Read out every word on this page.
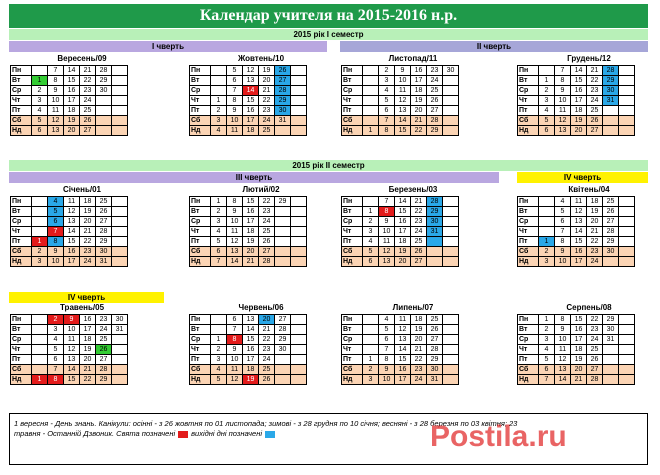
Календар учителя на 2015-2016 н.р.
2015 рік I семестр
І чверть	ІІ чверть
2015 рік II семестр
ІІІ чверть	ІV чверть
ІV чверть
Вересень/09
Пн		7	14	21	28	
Вт	1	8	15	22	29	
Ср	2	9	16	23	30	
Чт	3	10	17	24		
Пт	4	11	18	25		
Сб	5	12	19	26		
Нд	6	13	20	27		
Жовтень/10
Пн		5	12	19	26	
Вт		6	13	20	27	
Ср		7	14	21	28	
Чт	1	8	15	22	29	
Пт	2	9	16	23	30	
Сб	3	10	17	24	31	
Нд	4	11	18	25		
Листопад/11
Пн		2	9	16	23	30
Вт		3	10	17	24	
Ср		4	11	18	25	
Чт		5	12	19	26	
Пт		6	13	20	27	
Сб		7	14	21	28	
Нд	1	8	15	22	29	
Грудень/12
Пн		7	14	21	28	
Вт	1	8	15	22	29	
Ср	2	9	16	23	30	
Чт	3	10	17	24	31	
Пт	4	11	18	25		
Сб	5	12	19	26		
Нд	6	13	20	27		
Січень/01
Пн		4	11	18	25	
Вт		5	12	19	26	
Ср		6	13	20	27	
Чт		7	14	21	28	
Пт	1	8	15	22	29	
Сб	2	9	16	23	30	
Нд	3	10	17	24	31	
Лютий/02
Пн	1	8	15	22	29	
Вт	2	9	16	23		
Ср	3	10	17	24		
Чт	4	11	18	25		
Пт	5	12	19	26		
Сб	6	13	20	27		
Нд	7	14	21	28		
Березень/03
Пн		7	14	21	28	
Вт	1	8	15	22	29	
Ср	2	9	16	23	30	
Чт	3	10	17	24	31	
Пт	4	11	18	25		
Сб	5	12	19	26		
Нд	6	13	20	27		
Квітень/04
Пн		4	11	18	25	
Вт		5	12	19	26	
Ср		6	13	20	27	
Чт		7	14	21	28	
Пт	1	8	15	22	29	
Сб	2	9	16	23	30	
Нд	3	10	17	24		
Травень/05
Пн		2	9	16	23	30
Вт		3	10	17	24	31
Ср		4	11	18	25	
Чт		5	12	19	26	
Пт		6	13	20	27	
Сб		7	14	21	28	
Нд	1	8	15	22	29	
Червень/06
Пн		6	13	20	27	
Вт		7	14	21	28	
Ср	1	8	15	22	29	
Чт	2	9	16	23	30	
Пт	3	10	17	24		
Сб	4	11	18	25		
Нд	5	12	19	26		
Липень/07
Пн		4	11	18	25	
Вт		5	12	19	26	
Ср		6	13	20	27	
Чт		7	14	21	28	
Пт	1	8	15	22	29	
Сб	2	9	16	23	30	
Нд	3	10	17	24	31	
Серпень/08
Пн	1	8	15	22	29	
Вт	2	9	16	23	30	
Ср	3	10	17	24	31	
Чт	4	11	18	25		
Пт	5	12	19	26		
Сб	6	13	20	27		
Нд	7	14	21	28		
1 вересня - День знань. Канікули: осінні - з 26 жовтня по 01 листопада; зимові - з 28 грудня по 10 січня; весняні - з 28 березня по 03 квітня; 23
травня - Останній Дзвоник. Свята позначені вихідні дні позначені	Postila.ru
